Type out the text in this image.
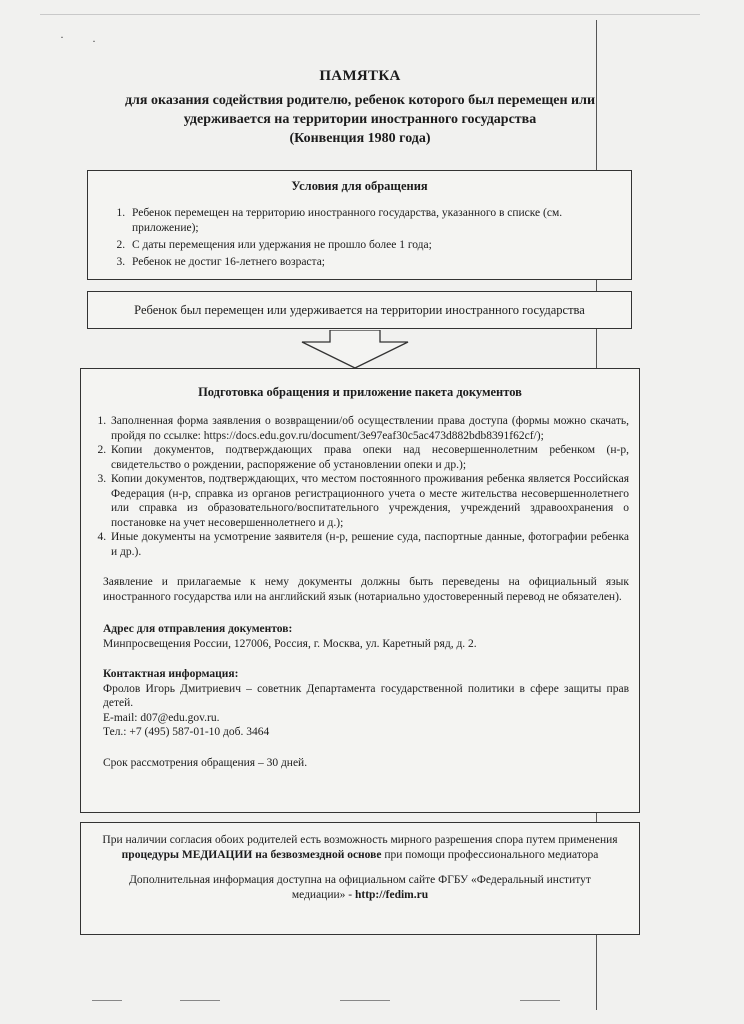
· ·
ПАМЯТКА
для оказания содействия родителю, ребенок которого был перемещен или
удерживается на территории иностранного государства
(Конвенция 1980 года)
Условия для обращения
1. Ребенок перемещен на территорию иностранного государства, указанного в списке (см. приложение);
2. С даты перемещения или удержания не прошло более 1 года;
3. Ребенок не достиг 16-летнего возраста;
Ребенок был перемещен или удерживается на территории иностранного государства
Подготовка обращения и приложение пакета документов
1. Заполненная форма заявления о возвращении/об осуществлении права доступа (формы можно скачать, пройдя по ссылке: https://docs.edu.gov.ru/document/3e97eaf30c5ac473d882bdb8391f62cf/);
2. Копии документов, подтверждающих права опеки над несовершеннолетним ребенком (н-р, свидетельство о рождении, распоряжение об установлении опеки и др.);
3. Копии документов, подтверждающих, что местом постоянного проживания ребенка является Российская Федерация (н-р, справка из органов регистрационного учета о месте жительства несовершеннолетнего или справка из образовательного/воспитательного учреждения, учреждений здравоохранения о постановке на учет несовершеннолетнего и д.);
4. Иные документы на усмотрение заявителя (н-р, решение суда, паспортные данные, фотографии ребенка и др.).
Заявление и прилагаемые к нему документы должны быть переведены на официальный язык иностранного государства или на английский язык (нотариально удостоверенный перевод не обязателен).
Адрес для отправления документов:
Минпросвещения России, 127006, Россия, г. Москва, ул. Каретный ряд, д. 2.
Контактная информация:
Фролов Игорь Дмитриевич – советник Департамента государственной политики в сфере защиты прав детей.
E-mail: d07@edu.gov.ru.
Тел.: +7 (495) 587-01-10 доб. 3464
Срок рассмотрения обращения – 30 дней.
При наличии согласия обоих родителей есть возможность мирного разрешения спора путем применения процедуры МЕДИАЦИИ на безвозмездной основе при помощи профессионального медиатора
Дополнительная информация доступна на официальном сайте ФГБУ «Федеральный институт медиации» - http://fedim.ru
